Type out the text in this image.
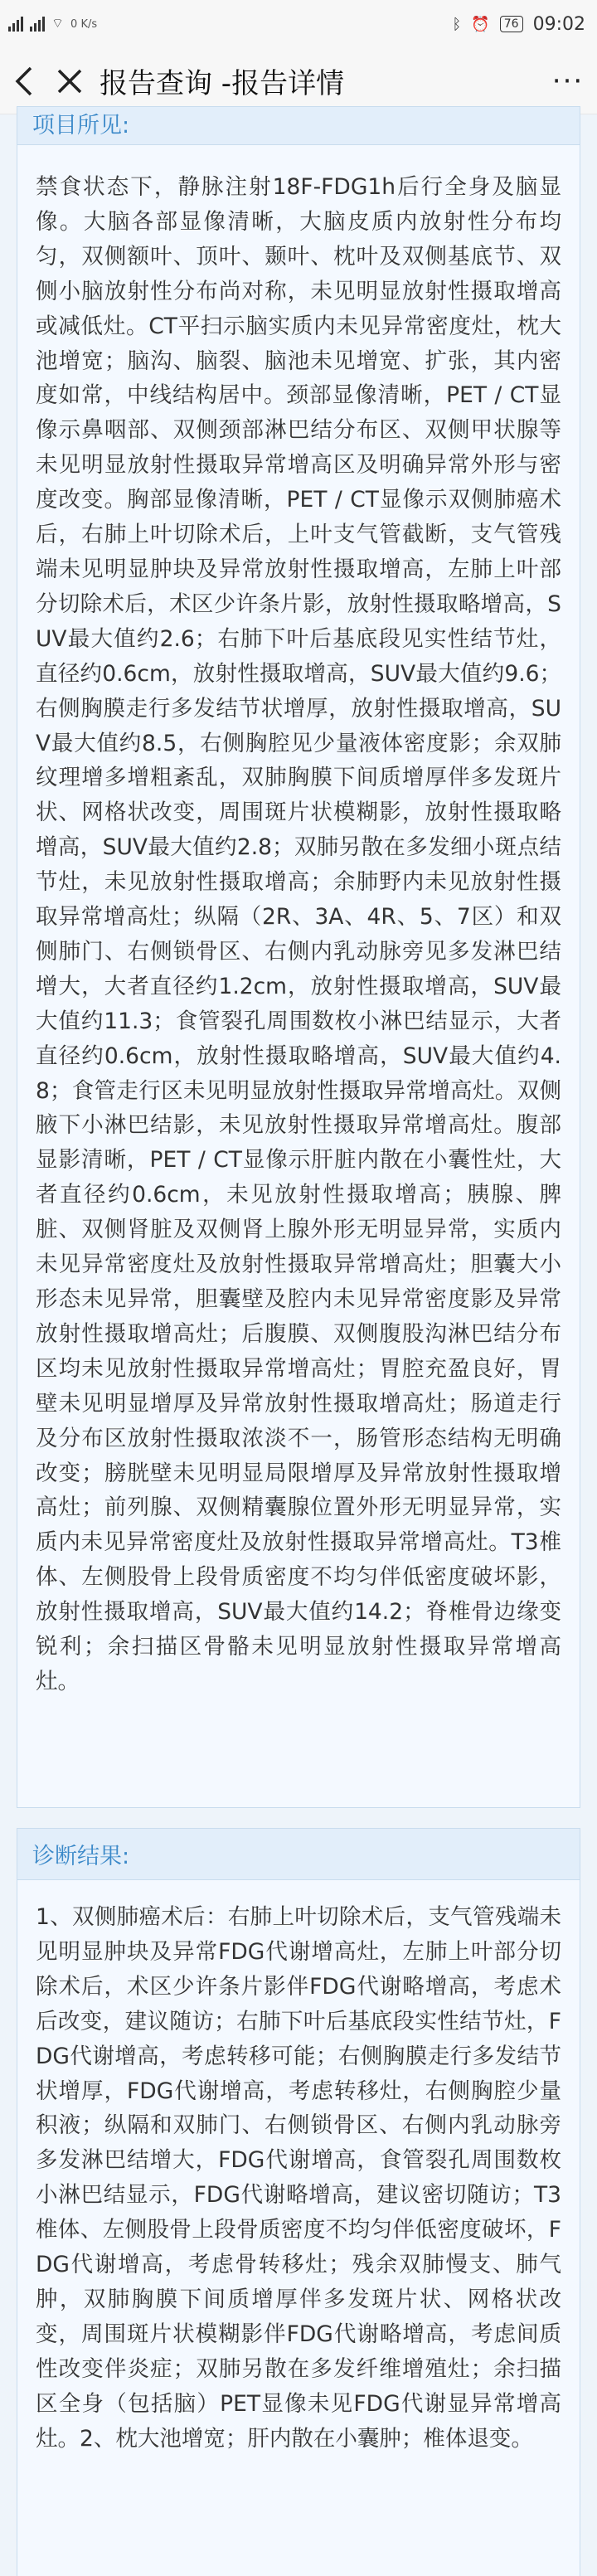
⌔ 0 K/s	ᛒ ⏰	76 09:02
报告查询 -报告详情	···
项目所见:
禁食状态下，静脉注射18F-FDG1h后行全身及脑显像。大脑各部显像清晰，大脑皮质内放射性分布均匀，双侧额叶、顶叶、颞叶、枕叶及双侧基底节、双侧小脑放射性分布尚对称，未见明显放射性摄取增高或减低灶。CT平扫示脑实质内未见异常密度灶，枕大池增宽；脑沟、脑裂、脑池未见增宽、扩张，其内密度如常，中线结构居中。颈部显像清晰，PET / CT显像示鼻咽部、双侧颈部淋巴结分布区、双侧甲状腺等未见明显放射性摄取异常增高区及明确异常外形与密度改变。胸部显像清晰，PET / CT显像示双侧肺癌术后，右肺上叶切除术后，上叶支气管截断，支气管残端未见明显肿块及异常放射性摄取增高，左肺上叶部分切除术后，术区少许条片影，放射性摄取略增高，SUV最大值约2.6；右肺下叶后基底段见实性结节灶，直径约0.6cm，放射性摄取增高，SUV最大值约9.6；右侧胸膜走行多发结节状增厚，放射性摄取增高，SUV最大值约8.5，右侧胸腔见少量液体密度影；余双肺纹理增多增粗紊乱，双肺胸膜下间质增厚伴多发斑片状、网格状改变，周围斑片状模糊影，放射性摄取略增高，SUV最大值约2.8；双肺另散在多发细小斑点结节灶，未见放射性摄取增高；余肺野内未见放射性摄取异常增高灶；纵隔（2R、3A、4R、5、7区）和双侧肺门、右侧锁骨区、右侧内乳动脉旁见多发淋巴结增大，大者直径约1.2cm，放射性摄取增高，SUV最大值约11.3；食管裂孔周围数枚小淋巴结显示，大者直径约0.6cm，放射性摄取略增高，SUV最大值约4.8；食管走行区未见明显放射性摄取异常增高灶。双侧腋下小淋巴结影，未见放射性摄取异常增高灶。腹部显影清晰，PET / CT显像示肝脏内散在小囊性灶，大者直径约0.6cm，未见放射性摄取增高；胰腺、脾脏、双侧肾脏及双侧肾上腺外形无明显异常，实质内未见异常密度灶及放射性摄取异常增高灶；胆囊大小形态未见异常，胆囊壁及腔内未见异常密度影及异常放射性摄取增高灶；后腹膜、双侧腹股沟淋巴结分布区均未见放射性摄取异常增高灶；胃腔充盈良好，胃壁未见明显增厚及异常放射性摄取增高灶；肠道走行及分布区放射性摄取浓淡不一，肠管形态结构无明确改变；膀胱壁未见明显局限增厚及异常放射性摄取增高灶；前列腺、双侧精囊腺位置外形无明显异常，实质内未见异常密度灶及放射性摄取异常增高灶。T3椎体、左侧股骨上段骨质密度不均匀伴低密度破坏影，放射性摄取增高，SUV最大值约14.2；脊椎骨边缘变锐利；余扫描区骨骼未见明显放射性摄取异常增高灶。
诊断结果:
1、双侧肺癌术后：右肺上叶切除术后，支气管残端未见明显肿块及异常FDG代谢增高灶，左肺上叶部分切除术后，术区少许条片影伴FDG代谢略增高，考虑术后改变，建议随访；右肺下叶后基底段实性结节灶，FDG代谢增高，考虑转移可能；右侧胸膜走行多发结节状增厚，FDG代谢增高，考虑转移灶，右侧胸腔少量积液；纵隔和双肺门、右侧锁骨区、右侧内乳动脉旁多发淋巴结增大，FDG代谢增高，食管裂孔周围数枚小淋巴结显示，FDG代谢略增高，建议密切随访；T3椎体、左侧股骨上段骨质密度不均匀伴低密度破坏，FDG代谢增高，考虑骨转移灶；残余双肺慢支、肺气肿，双肺胸膜下间质增厚伴多发斑片状、网格状改变，周围斑片状模糊影伴FDG代谢略增高，考虑间质性改变伴炎症；双肺另散在多发纤维增殖灶；余扫描区全身（包括脑）PET显像未见FDG代谢显异常增高灶。2、枕大池增宽；肝内散在小囊肿；椎体退变。
